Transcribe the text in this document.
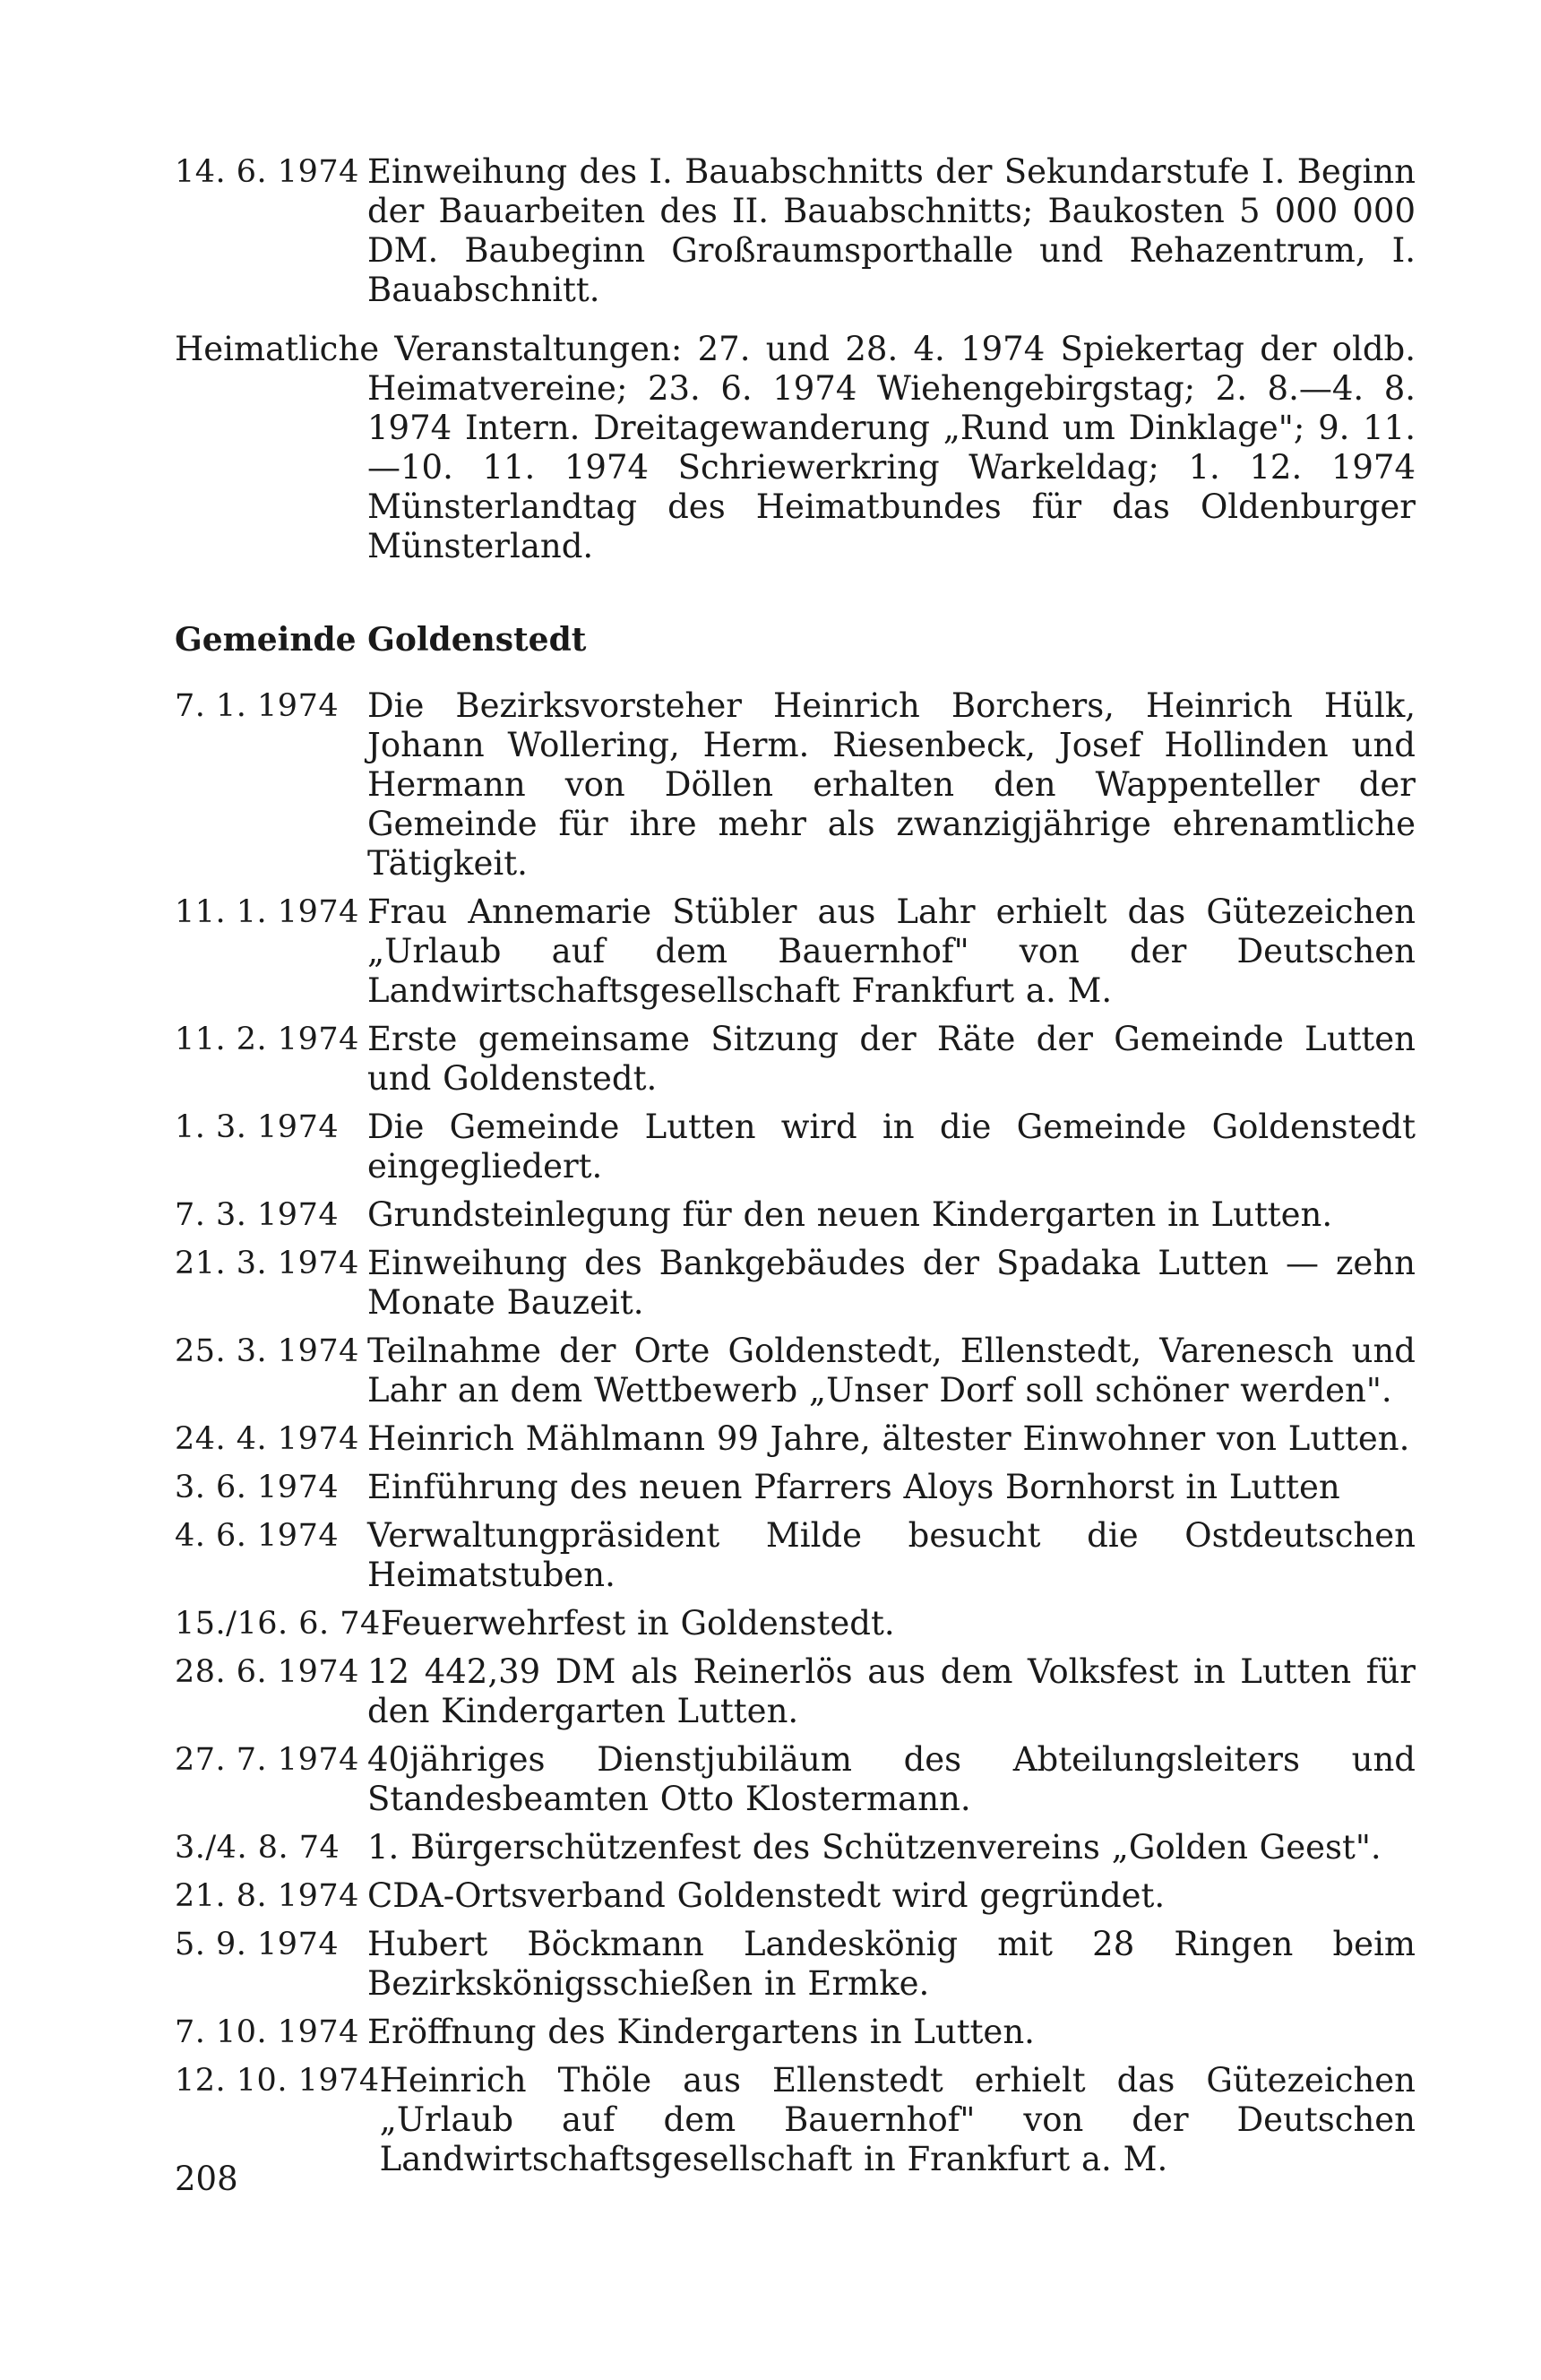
14. 6. 1974 Einweihung des I. Bauabschnitts der Sekundarstufe I. Beginn der Bauarbeiten des II. Bauabschnitts; Baukosten 5 000 000 DM. Baubeginn Großraumsporthalle und Rehazentrum, I. Bauabschnitt.
Heimatliche Veranstaltungen: 27. und 28. 4. 1974 Spiekertag der oldb. Heimatvereine; 23. 6. 1974 Wiehengebirgstag; 2. 8.—4. 8. 1974 Intern. Dreitagewanderung „Rund um Dinklage"; 9. 11.—10. 11. 1974 Schriewerkring Warkeldag; 1. 12. 1974 Münsterlandtag des Heimatbundes für das Oldenburger Münsterland.
Gemeinde Goldenstedt
7. 1. 1974 Die Bezirksvorsteher Heinrich Borchers, Heinrich Hülk, Johann Wollering, Herm. Riesenbeck, Josef Hollinden und Hermann von Döllen erhalten den Wappenteller der Gemeinde für ihre mehr als zwanzigjährige ehrenamtliche Tätigkeit.
11. 1. 1974 Frau Annemarie Stübler aus Lahr erhielt das Gütezeichen „Urlaub auf dem Bauernhof" von der Deutschen Landwirtschaftsgesellschaft Frankfurt a. M.
11. 2. 1974 Erste gemeinsame Sitzung der Räte der Gemeinde Lutten und Goldenstedt.
1. 3. 1974 Die Gemeinde Lutten wird in die Gemeinde Goldenstedt eingegliedert.
7. 3. 1974 Grundsteinlegung für den neuen Kindergarten in Lutten.
21. 3. 1974 Einweihung des Bankgebäudes der Spadaka Lutten — zehn Monate Bauzeit.
25. 3. 1974 Teilnahme der Orte Goldenstedt, Ellenstedt, Varenesch und Lahr an dem Wettbewerb „Unser Dorf soll schöner werden".
24. 4. 1974 Heinrich Mählmann 99 Jahre, ältester Einwohner von Lutten.
3. 6. 1974 Einführung des neuen Pfarrers Aloys Bornhorst in Lutten
4. 6. 1974 Verwaltungpräsident Milde besucht die Ostdeutschen Heimatstuben.
15./16. 6. 74 Feuerwehrfest in Goldenstedt.
28. 6. 1974 12 442,39 DM als Reinerlös aus dem Volksfest in Lutten für den Kindergarten Lutten.
27. 7. 1974 40jähriges Dienstjubiläum des Abteilungsleiters und Standesbeamten Otto Klostermann.
3./4. 8. 74 1. Bürgerschützenfest des Schützenvereins „Golden Geest".
21. 8. 1974 CDA-Ortsverband Goldenstedt wird gegründet.
5. 9. 1974 Hubert Böckmann Landeskönig mit 28 Ringen beim Bezirkskönigsschießen in Ermke.
7. 10. 1974 Eröffnung des Kindergartens in Lutten.
12. 10. 1974 Heinrich Thöle aus Ellenstedt erhielt das Gütezeichen „Urlaub auf dem Bauernhof" von der Deutschen Landwirtschaftsgesellschaft in Frankfurt a. M.
208
